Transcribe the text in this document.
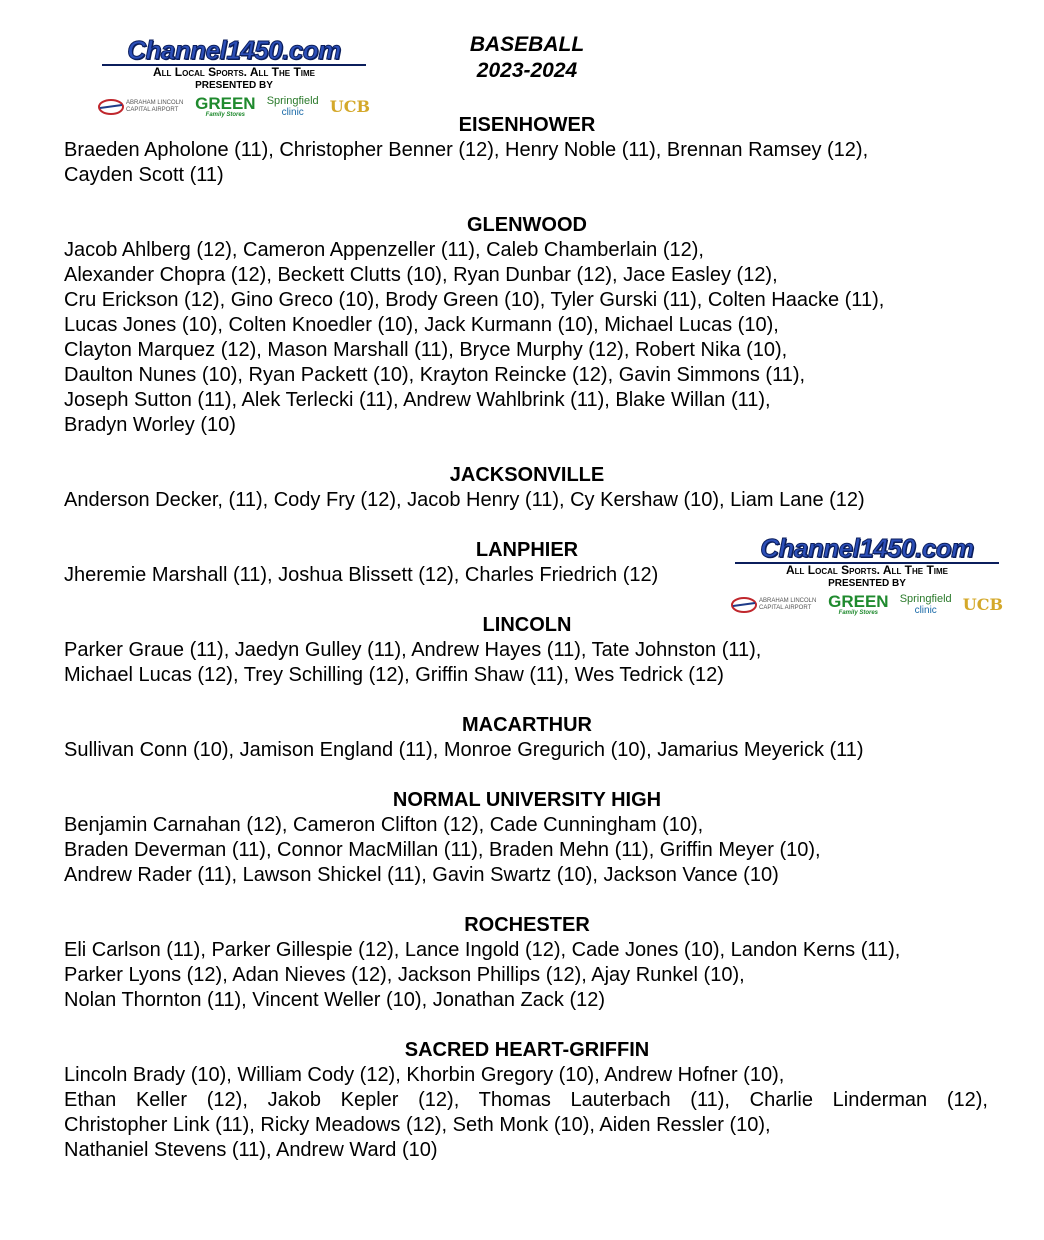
Channel1450.com
All Local Sports. All The Time
PRESENTED BY
ABRAHAM LINCOLN CAPITAL AIRPORT GREEN
Family Stores
Springfield
clinic	UCB
Channel1450.com
All Local Sports. All The Time
PRESENTED BY
ABRAHAM LINCOLN CAPITAL AIRPORT GREEN
Family Stores
Springfield
clinic	UCB
BASEBALL
2023-2024
EISENHOWER
Braeden Apholone (11), Christopher Benner (12), Henry Noble (11), Brennan Ramsey (12),
Cayden Scott (11)
GLENWOOD
Jacob Ahlberg (12), Cameron Appenzeller (11), Caleb Chamberlain (12),
Alexander Chopra (12), Beckett Clutts (10), Ryan Dunbar (12), Jace Easley (12),
Cru Erickson (12), Gino Greco (10), Brody Green (10), Tyler Gurski (11), Colten Haacke (11),
Lucas Jones (10), Colten Knoedler (10), Jack Kurmann (10), Michael Lucas (10),
Clayton Marquez (12), Mason Marshall (11), Bryce Murphy (12), Robert Nika (10),
Daulton Nunes (10), Ryan Packett (10), Krayton Reincke (12), Gavin Simmons (11),
Joseph Sutton (11), Alek Terlecki (11), Andrew Wahlbrink (11), Blake Willan (11),
Bradyn Worley (10)
JACKSONVILLE
Anderson Decker, (11), Cody Fry (12), Jacob Henry (11), Cy Kershaw (10), Liam Lane (12)
LANPHIER
Jheremie Marshall (11), Joshua Blissett (12), Charles Friedrich (12)
LINCOLN
Parker Graue (11), Jaedyn Gulley (11), Andrew Hayes (11), Tate Johnston (11),
Michael Lucas (12), Trey Schilling (12), Griffin Shaw (11), Wes Tedrick (12)
MACARTHUR
Sullivan Conn (10), Jamison England (11), Monroe Gregurich (10), Jamarius Meyerick (11)
NORMAL UNIVERSITY HIGH
Benjamin Carnahan (12), Cameron Clifton (12), Cade Cunningham (10),
Braden Deverman (11), Connor MacMillan (11), Braden Mehn (11), Griffin Meyer (10),
Andrew Rader (11), Lawson Shickel (11), Gavin Swartz (10), Jackson Vance (10)
ROCHESTER
Eli Carlson (11), Parker Gillespie (12), Lance Ingold (12), Cade Jones (10), Landon Kerns (11),
Parker Lyons (12), Adan Nieves (12), Jackson Phillips (12), Ajay Runkel (10),
Nolan Thornton (11), Vincent Weller (10), Jonathan Zack (12)
SACRED HEART-GRIFFIN
Lincoln Brady (10), William Cody (12), Khorbin Gregory (10), Andrew Hofner (10),
Ethan Keller (12), Jakob Kepler (12), Thomas Lauterbach (11), Charlie Linderman (12),
Christopher Link (11), Ricky Meadows (12), Seth Monk (10), Aiden Ressler (10),
Nathaniel Stevens (11), Andrew Ward (10)
